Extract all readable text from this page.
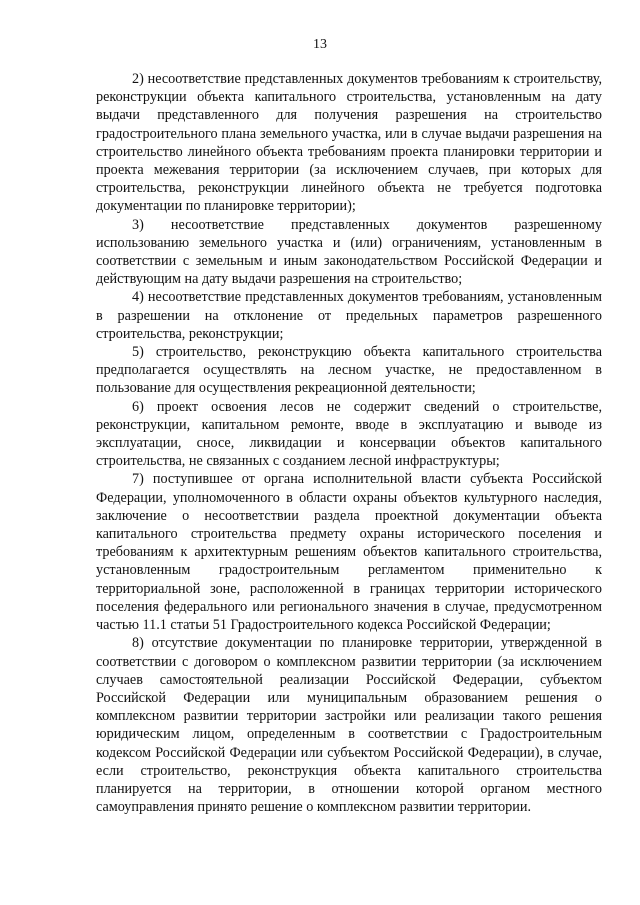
13

2) несоответствие представленных документов требованиям к строительству, реконструкции объекта капитального строительства, установленным на дату выдачи представленного для получения разрешения на строительство градостроительного плана земельного участка, или в случае выдачи разрешения на строительство линейного объекта требованиям проекта планировки территории и проекта межевания территории (за исключением случаев, при которых для строительства, реконструкции линейного объекта не требуется подготовка документации по планировке территории);

3) несоответствие представленных документов разрешенному использованию земельного участка и (или) ограничениям, установленным в соответствии с земельным и иным законодательством Российской Федерации и действующим на дату выдачи разрешения на строительство;

4) несоответствие представленных документов требованиям, установленным в разрешении на отклонение от предельных параметров разрешенного строительства, реконструкции;

5) строительство, реконструкцию объекта капитального строительства предполагается осуществлять на лесном участке, не предоставленном в пользование для осуществления рекреационной деятельности;

6) проект освоения лесов не содержит сведений о строительстве, реконструкции, капитальном ремонте, вводе в эксплуатацию и выводе из эксплуатации, сносе, ликвидации и консервации объектов капитального строительства, не связанных с созданием лесной инфраструктуры;

7) поступившее от органа исполнительной власти субъекта Российской Федерации, уполномоченного в области охраны объектов культурного наследия, заключение о несоответствии раздела проектной документации объекта капитального строительства предмету охраны исторического поселения и требованиям к архитектурным решениям объектов капитального строительства, установленным градостроительным регламентом применительно к территориальной зоне, расположенной в границах территории исторического поселения федерального или регионального значения в случае, предусмотренном частью 11.1 статьи 51 Градостроительного кодекса Российской Федерации;

8) отсутствие документации по планировке территории, утвержденной в соответствии с договором о комплексном развитии территории (за исключением случаев самостоятельной реализации Российской Федерации, субъектом Российской Федерации или муниципальным образованием решения о комплексном развитии территории застройки или реализации такого решения юридическим лицом, определенным в соответствии с Градостроительным кодексом Российской Федерации или субъектом Российской Федерации), в случае, если строительство, реконструкция объекта капитального строительства планируется на территории, в отношении которой органом местного самоуправления принято решение о комплексном развитии территории.
